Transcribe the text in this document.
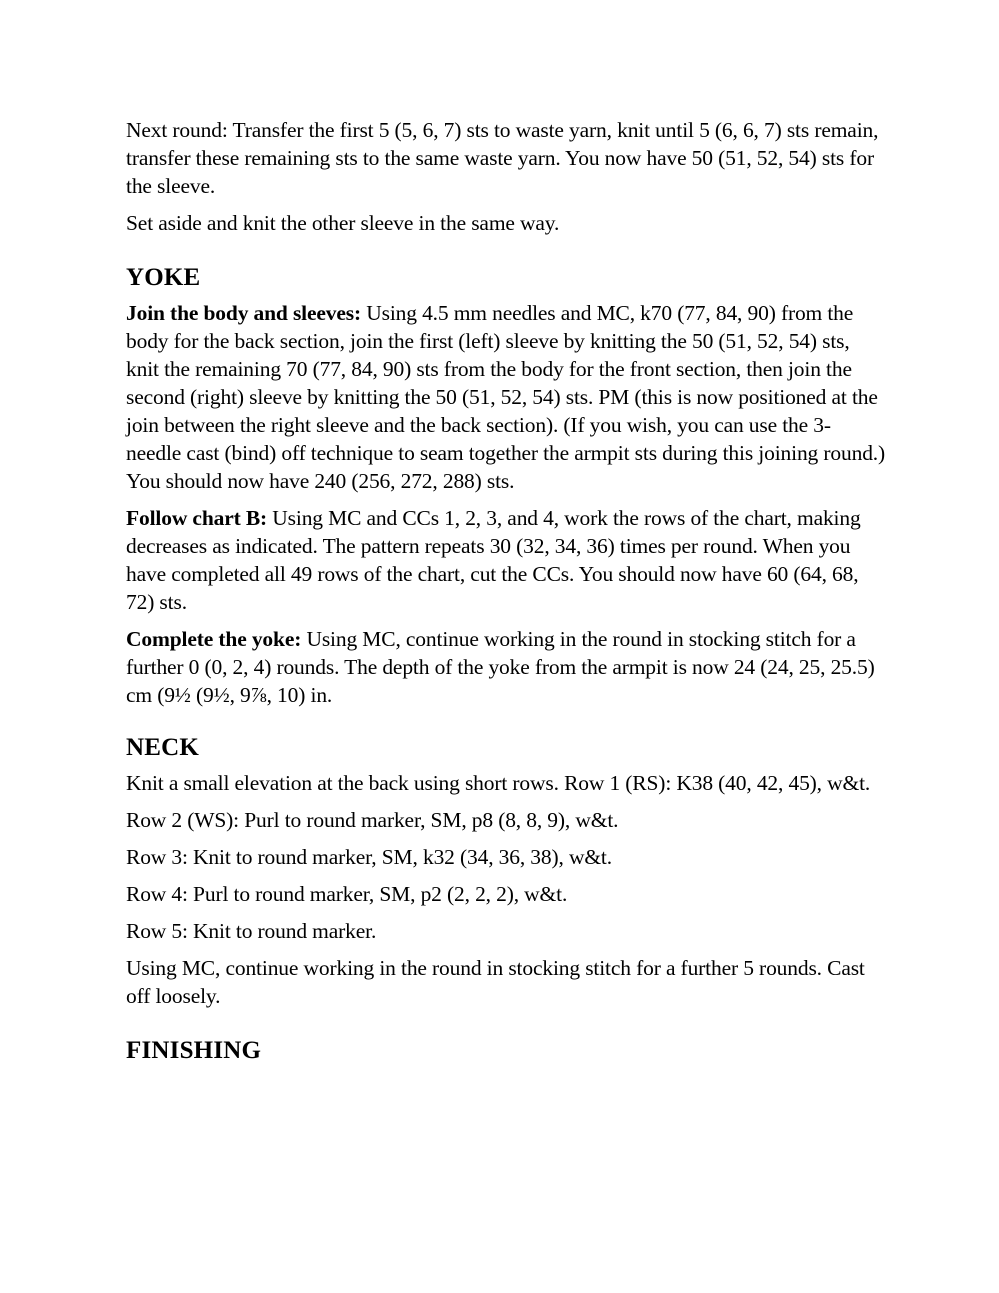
Next round: Transfer the first 5 (5, 6, 7) sts to waste yarn, knit until 5 (6, 6, 7) sts remain, transfer these remaining sts to the same waste yarn. You now have 50 (51, 52, 54) sts for the sleeve.

Set aside and knit the other sleeve in the same way.

YOKE

Join the body and sleeves: Using 4.5 mm needles and MC, k70 (77, 84, 90) from the body for the back section, join the first (left) sleeve by knitting the 50 (51, 52, 54) sts, knit the remaining 70 (77, 84, 90) sts from the body for the front section, then join the second (right) sleeve by knitting the 50 (51, 52, 54) sts. PM (this is now positioned at the join between the right sleeve and the back section). (If you wish, you can use the 3-needle cast (bind) off technique to seam together the armpit sts during this joining round.) You should now have 240 (256, 272, 288) sts.

Follow chart B: Using MC and CCs 1, 2, 3, and 4, work the rows of the chart, making decreases as indicated. The pattern repeats 30 (32, 34, 36) times per round. When you have completed all 49 rows of the chart, cut the CCs. You should now have 60 (64, 68, 72) sts.

Complete the yoke: Using MC, continue working in the round in stocking stitch for a further 0 (0, 2, 4) rounds. The depth of the yoke from the armpit is now 24 (24, 25, 25.5) cm (9½ (9½, 9⅞, 10) in.

NECK

Knit a small elevation at the back using short rows. Row 1 (RS): K38 (40, 42, 45), w&t.

Row 2 (WS): Purl to round marker, SM, p8 (8, 8, 9), w&t.

Row 3: Knit to round marker, SM, k32 (34, 36, 38), w&t.

Row 4: Purl to round marker, SM, p2 (2, 2, 2), w&t.

Row 5: Knit to round marker.

Using MC, continue working in the round in stocking stitch for a further 5 rounds. Cast off loosely.

FINISHING
